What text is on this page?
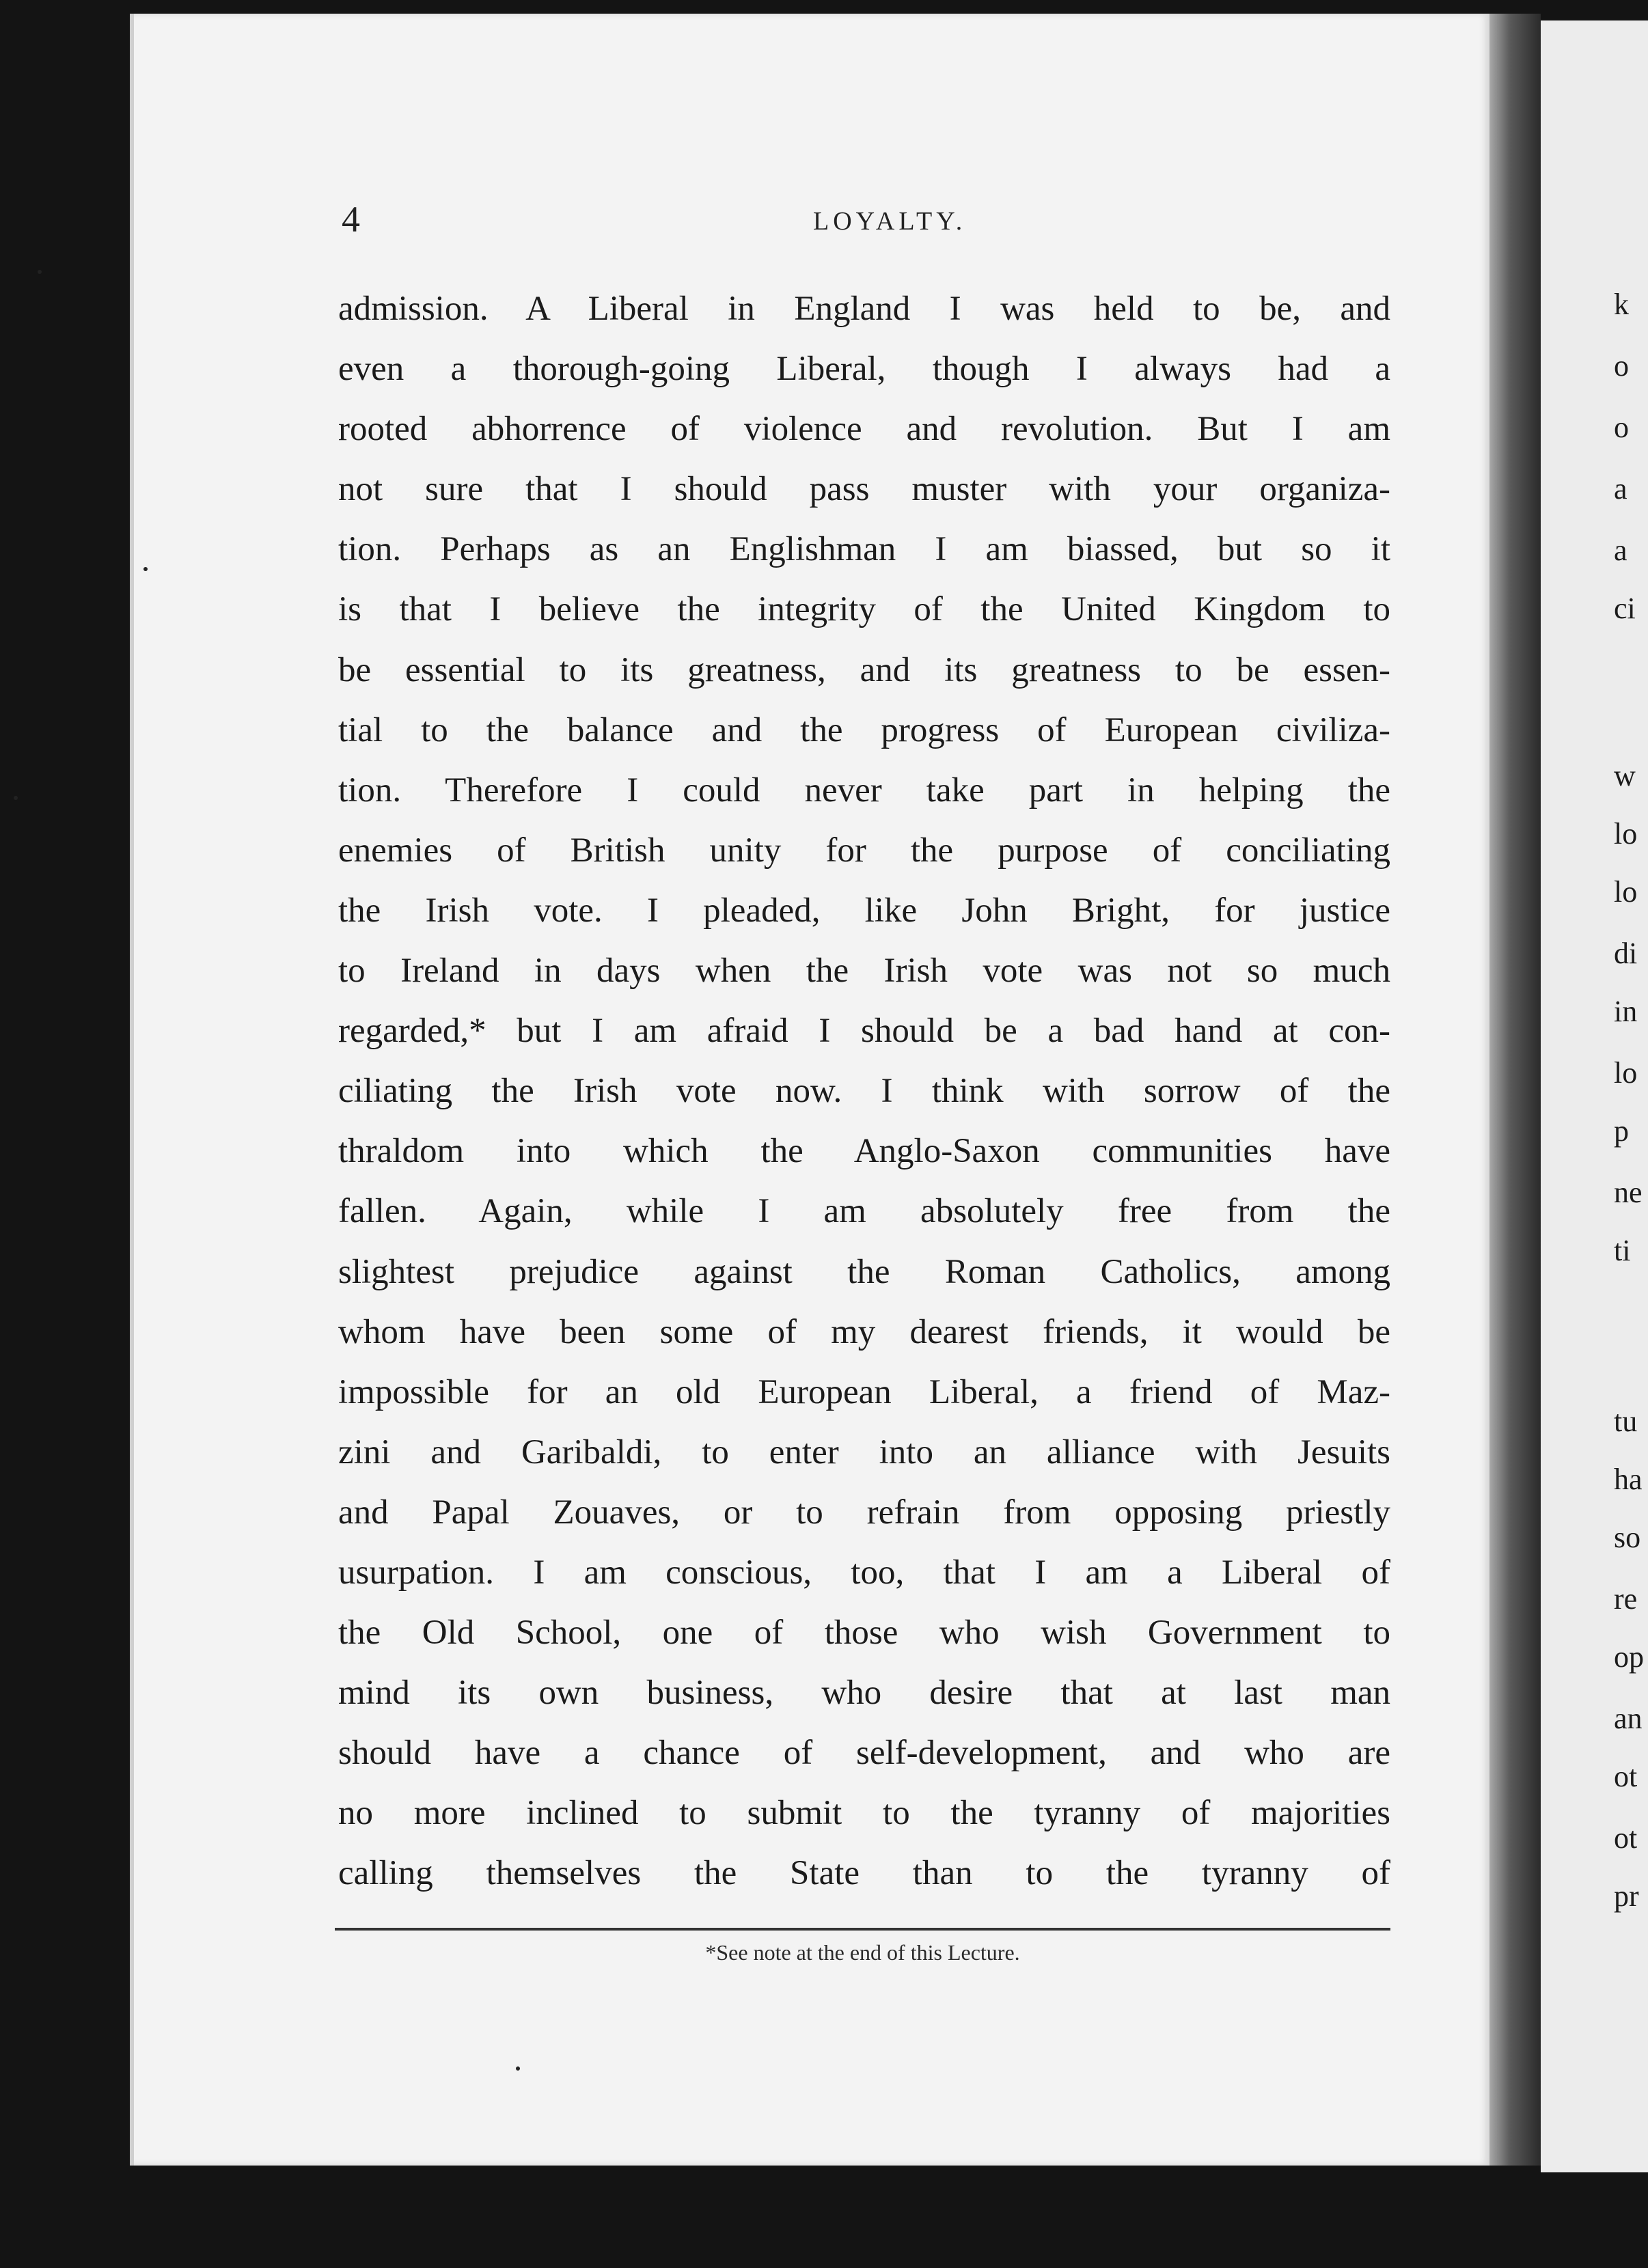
4	LOYALTY.
admission. A Liberal in England I was held to be, and
even a thorough-going Liberal, though I always had a
rooted abhorrence of violence and revolution. But I am
not sure that I should pass muster with your organiza-
tion. Perhaps as an Englishman I am biassed, but so it
is that I believe the integrity of the United Kingdom to
be essential to its greatness, and its greatness to be essen-
tial to the balance and the progress of European civiliza-
tion. Therefore I could never take part in helping the
enemies of British unity for the purpose of conciliating
the Irish vote. I pleaded, like John Bright, for justice
to Ireland in days when the Irish vote was not so much
regarded,* but I am afraid I should be a bad hand at con-
ciliating the Irish vote now. I think with sorrow of the
thraldom into which the Anglo-Saxon communities have
fallen. Again, while I am absolutely free from the
slightest prejudice against the Roman Catholics, among
whom have been some of my dearest friends, it would be
impossible for an old European Liberal, a friend of Maz-
zini and Garibaldi, to enter into an alliance with Jesuits
and Papal Zouaves, or to refrain from opposing priestly
usurpation. I am conscious, too, that I am a Liberal of
the Old School, one of those who wish Government to
mind its own business, who desire that at last man
should have a chance of self-development, and who are
no more inclined to submit to the tyranny of majorities
calling themselves the State than to the tyranny of
*See note at the end of this Lecture.
k
o
o
a
a
ci
w
lo
lo
di
in
lo
p
ne
ti
tu
ha
so
re
op
an
ot
ot
pr
